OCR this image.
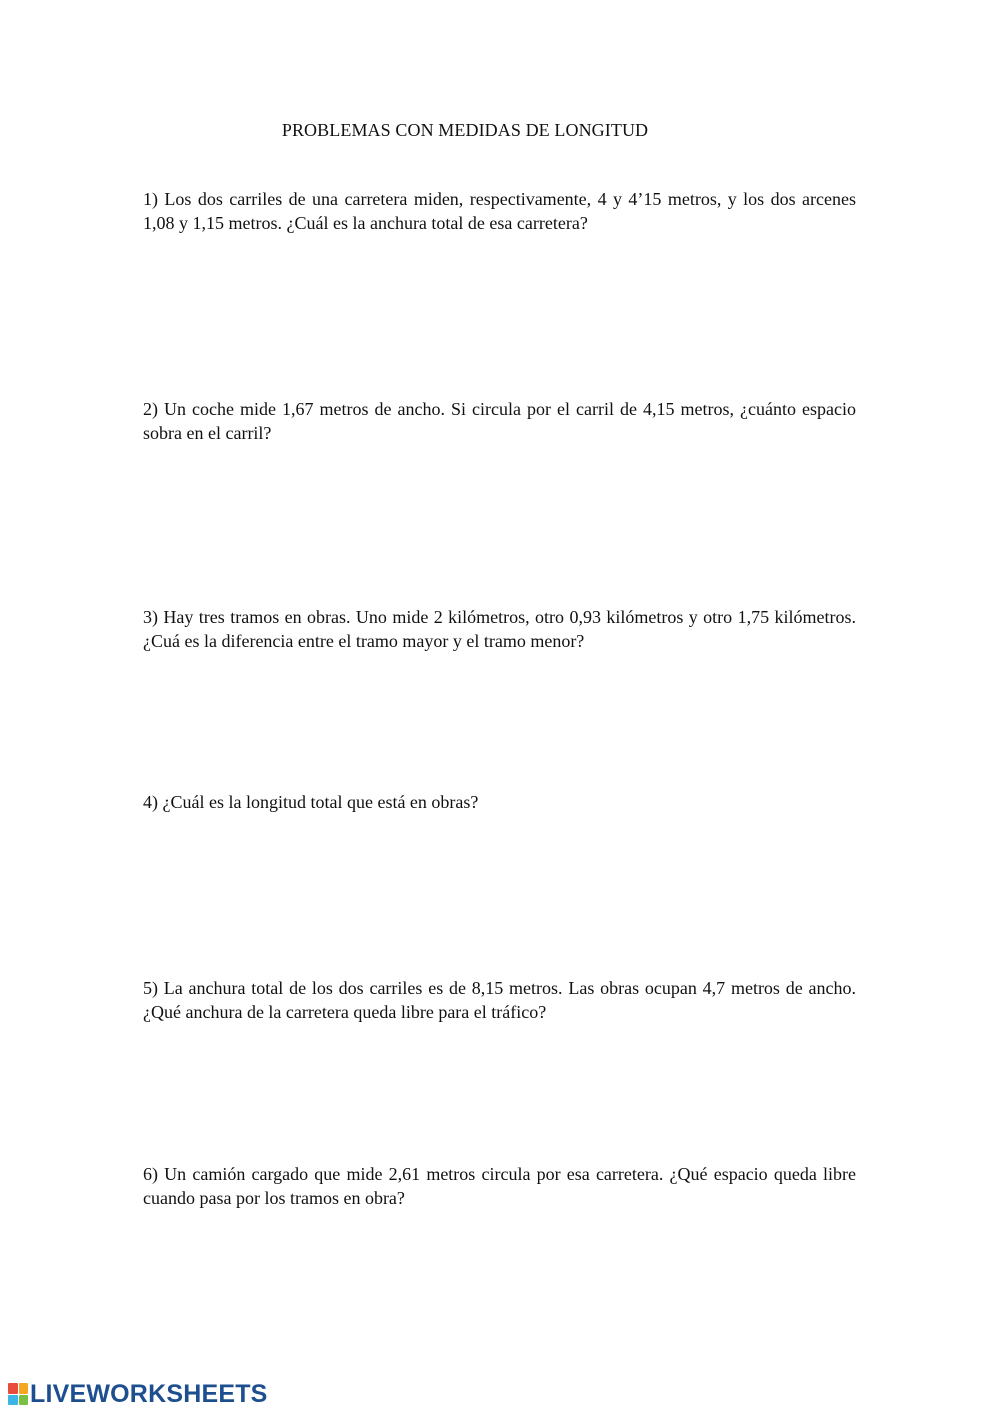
PROBLEMAS CON MEDIDAS DE LONGITUD
1) Los dos carriles de una carretera miden, respectivamente, 4 y 4’15 metros, y los dos arcenes 1,08 y 1,15 metros. ¿Cuál es la anchura total de esa carretera?
2) Un coche mide 1,67 metros de ancho. Si circula por el carril de 4,15 metros, ¿cuánto espacio sobra en el carril?
3) Hay tres tramos en obras. Uno mide 2 kilómetros, otro 0,93 kilómetros y otro 1,75 kilómetros. ¿Cuá es la diferencia entre el tramo mayor y el tramo menor?
4) ¿Cuál es la longitud total que está en obras?
5) La anchura total de los dos carriles es de 8,15 metros. Las obras ocupan 4,7 metros de ancho. ¿Qué anchura de la carretera queda libre para el tráfico?
6) Un camión cargado que mide 2,61 metros circula por esa carretera. ¿Qué espacio queda libre cuando pasa por los tramos en obra?
LIVEWORKSHEETS
